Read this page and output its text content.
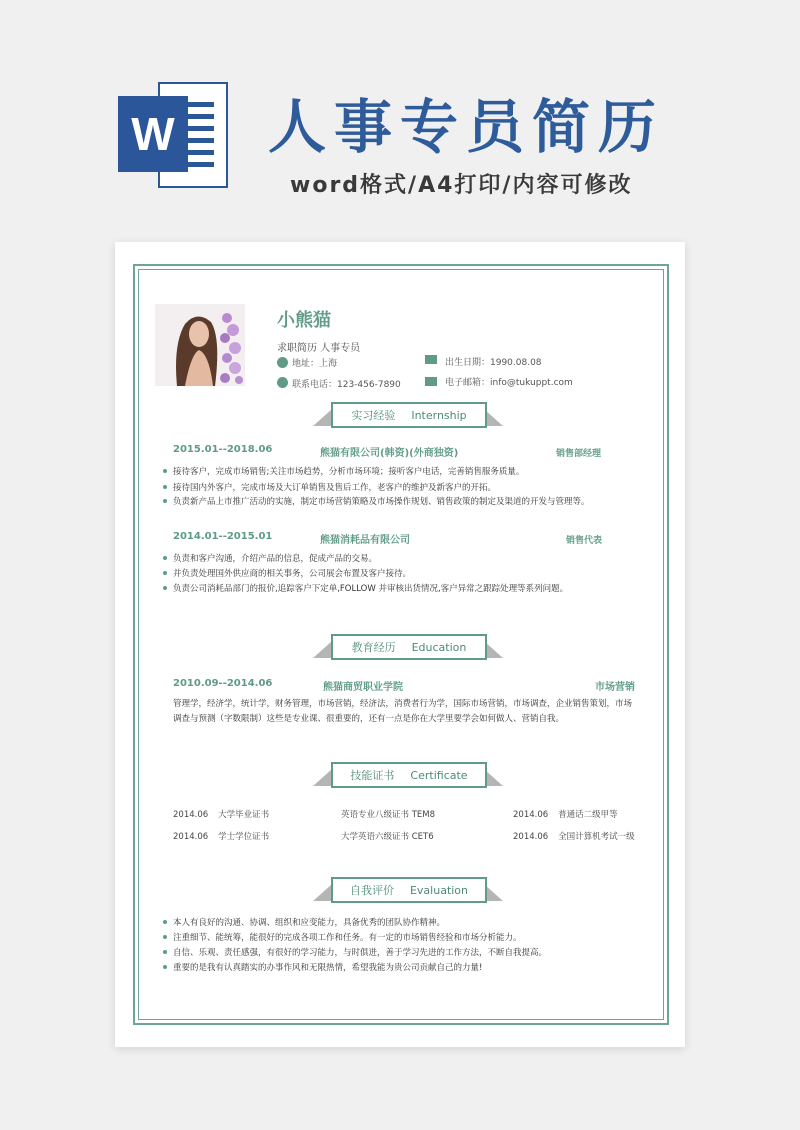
W 人事专员简历
word格式/A4打印/内容可修改
小熊猫
求职简历 人事专员
地址：上海	出生日期：1990.08.08
联系电话：123-456-7890	电子邮箱：info@tukuppt.com
实习经验 Internship
2015.01--2018.06	熊猫有限公司(韩资)(外商独资)	销售部经理
接待客户，完成市场销售;关注市场趋势，分析市场环境；接听客户电话，完善销售服务质量。
接待国内外客户，完成市场及大订单销售及售后工作，老客户的维护及新客户的开拓。
负责新产品上市推广活动的实施，制定市场营销策略及市场操作规划、销售政策的制定及渠道的开发与管理等。
2014.01--2015.01	熊猫消耗品有限公司	销售代表
负责和客户沟通，介绍产品的信息，促成产品的交易。
并负责处理国外供应商的相关事务，公司展会布置及客户接待。
负责公司消耗品部门的报价,追踪客户下定单,FOLLOW 并审核出货情况,客户异常之跟踪处理等系列问题。
教育经历 Education
2010.09--2014.06	熊猫商贸职业学院	市场营销
管理学，经济学，统计学，财务管理，市场营销，经济法，消费者行为学，国际市场营销，市场调查，企业销售策划，市场调查与预测（字数限制）这些是专业课、很重要的，还有一点是你在大学里要学会如何做人、营销自我。
技能证书 Certificate
2014.06 大学毕业证书	英语专业八级证书 TEM8	2014.06 普通话二级甲等
2014.06 学士学位证书	大学英语六级证书 CET6	2014.06 全国计算机考试一级
自我评价 Evaluation
本人有良好的沟通、协调、组织和应变能力，具备优秀的团队协作精神。
注重细节、能统筹，能很好的完成各项工作和任务。有一定的市场销售经验和市场分析能力。
自信、乐观、责任感强，有很好的学习能力，与时俱进，善于学习先进的工作方法，不断自我提高。
重要的是我有认真踏实的办事作风和无限热情，希望我能为贵公司贡献自己的力量!
